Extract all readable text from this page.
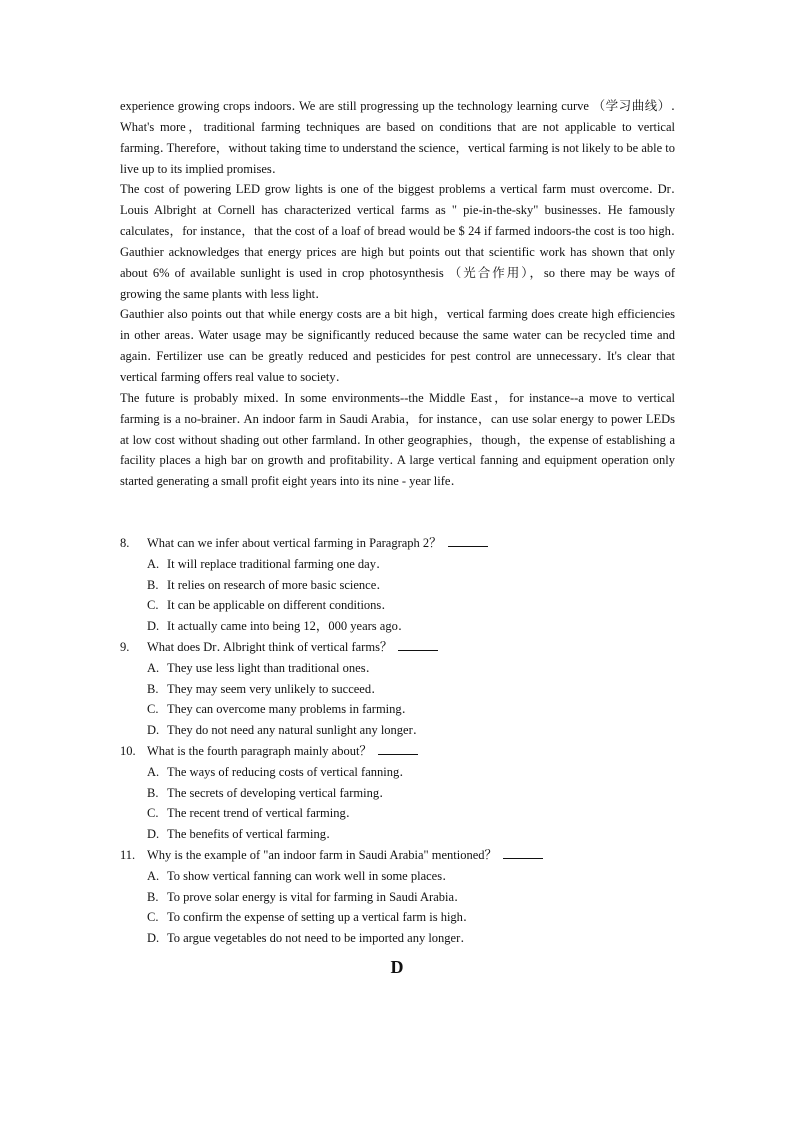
experience growing crops indoors․ We are still progressing up the technology learning curve （学习曲线）․ What's more，traditional farming techniques are based on conditions that are not applicable to vertical farming․ Therefore，without taking time to understand the science，vertical farming is not likely to be able to live up to its implied promises․

The cost of powering LED grow lights is one of the biggest problems a vertical farm must overcome․ Dr․ Louis Albright at Cornell has characterized vertical farms as " pie-in-the-sky" businesses․ He famously calculates，for instance，that the cost of a loaf of bread would be $ 24 if farmed indoors-the cost is too high․ Gauthier acknowledges that energy prices are high but points out that scientific work has shown that only about 6% of available sunlight is used in crop photosynthesis （光合作用），so there may be ways of growing the same plants with less light․

Gauthier also points out that while energy costs are a bit high，vertical farming does create high efficiencies in other areas․ Water usage may be significantly reduced because the same water can be recycled time and again․ Fertilizer use can be greatly reduced and pesticides for pest control are unnecessary․ It's clear that vertical farming offers real value to society․

The future is probably mixed․ In some environments--the Middle East，for instance--a move to vertical farming is a no-brainer․ An indoor farm in Saudi Arabia，for instance，can use solar energy to power LEDs at low cost without shading out other farmland․ In other geographies，though，the expense of establishing a facility places a high bar on growth and profitability․ A large vertical fanning and equipment operation only started generating a small profit eight years into its nine - year life․

8.	What can we infer about vertical farming in Paragraph 2？
A. It will replace traditional farming one day․
B. It relies on research of more basic science․
C. It can be applicable on different conditions․
D. It actually came into being 12，000 years ago․
9.	What does Dr․ Albright think of vertical farms？
A. They use less light than traditional ones․
B. They may seem very unlikely to succeed․
C. They can overcome many problems in farming․
D. They do not need any natural sunlight any longer․
10. What is the fourth paragraph mainly about？
A. The ways of reducing costs of vertical fanning․
B. The secrets of developing vertical farming․
C. The recent trend of vertical farming․
D. The benefits of vertical farming․
11. Why is the example of "an indoor farm in Saudi Arabia" mentioned？
A. To show vertical fanning can work well in some places․
B. To prove solar energy is vital for farming in Saudi Arabia․
C. To confirm the expense of setting up a vertical farm is high․
D. To argue vegetables do not need to be imported any longer․
D
